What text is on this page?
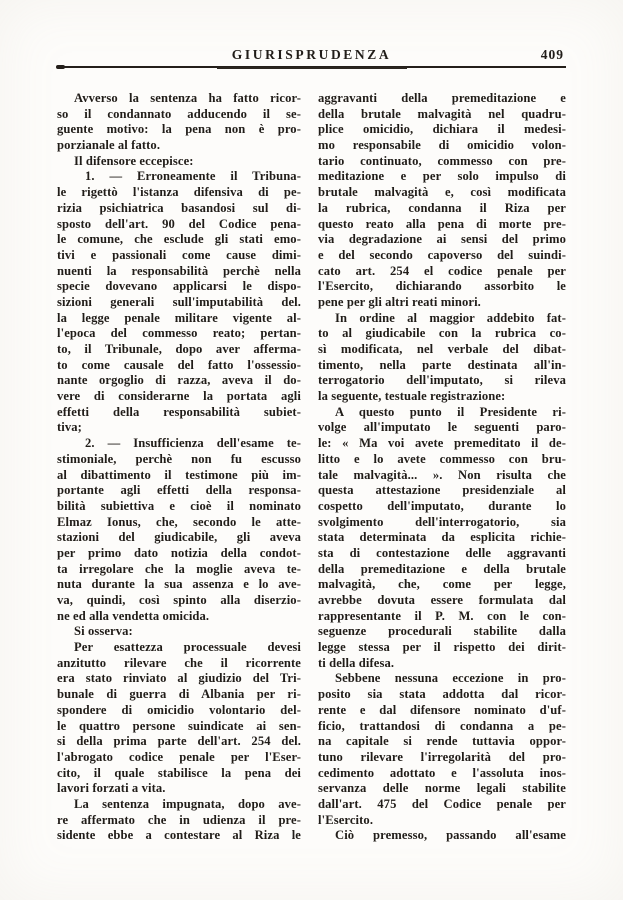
GIURISPRUDENZA	409
Avverso la sentenza ha fatto ricor-
so il condannato adducendo il se-
guente motivo: la pena non è pro-
porzianale al fatto.
Il difensore eccepisce:
1. — Erroneamente il Tribuna-
le rigettò l'istanza difensiva di pe-
rizia psichiatrica basandosi sul di-
sposto dell'art. 90 del Codice pena-
le comune, che esclude gli stati emo-
tivi e passionali come cause dimi-
nuenti la responsabilità perchè nella
specie dovevano applicarsi le dispo-
sizioni generali sull'imputabilità del.
la legge penale militare vigente al-
l'epoca del commesso reato; pertan-
to, il Tribunale, dopo aver afferma-
to come causale del fatto l'ossessio-
nante orgoglio di razza, aveva il do-
vere di considerarne la portata agli
effetti della responsabilità subiet-
tiva;
2. — Insufficienza dell'esame te-
stimoniale, perchè non fu escusso
al dibattimento il testimone più im-
portante agli effetti della responsa-
bilità subiettiva e cioè il nominato
Elmaz Ionus, che, secondo le atte-
stazioni del giudicabile, gli aveva
per primo dato notizia della condot-
ta irregolare che la moglie aveva te-
nuta durante la sua assenza e lo ave-
va, quindi, così spinto alla diserzio-
ne ed alla vendetta omicida.
Si osserva:
Per esattezza processuale devesi
anzitutto rilevare che il ricorrente
era stato rinviato al giudizio del Tri-
bunale di guerra di Albania per ri-
spondere di omicidio volontario del-
le quattro persone suindicate ai sen-
si della prima parte dell'art. 254 del.
l'abrogato codice penale per l'Eser-
cito, il quale stabilisce la pena dei
lavori forzati a vita.
La sentenza impugnata, dopo ave-
re affermato che in udienza il pre-
sidente ebbe a contestare al Riza le
aggravanti della premeditazione e
della brutale malvagità nel quadru-
plice omicidio, dichiara il medesi-
mo responsabile di omicidio volon-
tario continuato, commesso con pre-
meditazione e per solo impulso di
brutale malvagità e, così modificata
la rubrica, condanna il Riza per
questo reato alla pena di morte pre-
via degradazione ai sensi del primo
e del secondo capoverso del suindi-
cato art. 254 el codice penale per
l'Esercito, dichiarando assorbito le
pene per gli altri reati minori.
In ordine al maggior addebito fat-
to al giudicabile con la rubrica co-
sì modificata, nel verbale del dibat-
timento, nella parte destinata all'in-
terrogatorio dell'imputato, si rileva
la seguente, testuale registrazione:
A questo punto il Presidente ri-
volge all'imputato le seguenti paro-
le: « Ma voi avete premeditato il de-
litto e lo avete commesso con bru-
tale malvagità... ». Non risulta che
questa attestazione presidenziale al
cospetto dell'imputato, durante lo
svolgimento dell'interrogatorio, sia
stata determinata da esplicita richie-
sta di contestazione delle aggravanti
della premeditazione e della brutale
malvagità, che, come per legge,
avrebbe dovuta essere formulata dal
rappresentante il P. M. con le con-
seguenze procedurali stabilite dalla
legge stessa per il rispetto dei dirit-
ti della difesa.
Sebbene nessuna eccezione in pro-
posito sia stata addotta dal ricor-
rente e dal difensore nominato d'uf-
ficio, trattandosi di condanna a pe-
na capitale si rende tuttavia oppor-
tuno rilevare l'irregolarità del pro-
cedimento adottato e l'assoluta inos-
servanza delle norme legali stabilite
dall'art. 475 del Codice penale per
l'Esercito.
Ciò premesso, passando all'esame
